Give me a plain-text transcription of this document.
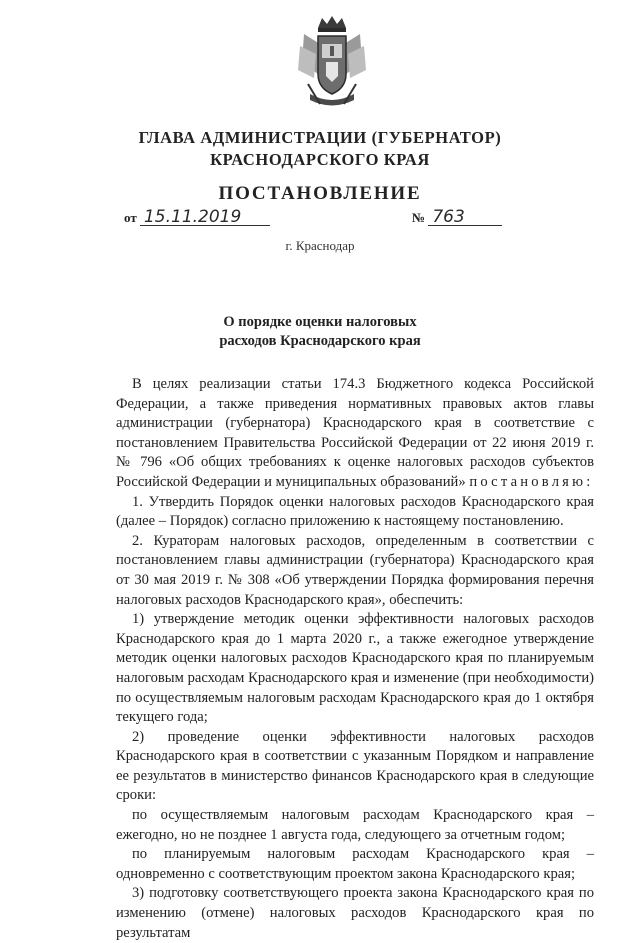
ГЛАВА АДМИНИСТРАЦИИ (ГУБЕРНАТОР)
КРАСНОДАРСКОГО КРАЯ
ПОСТАНОВЛЕНИЕ
от 15.11.2019	№ 763
г. Краснодар
О порядке оценки налоговых
расходов Краснодарского края

В целях реализации статьи 174.3 Бюджетного кодекса Российской Федерации, а также приведения нормативных правовых актов главы администрации (губернатора) Краснодарского края в соответствие с постановлением Правительства Российской Федерации от 22 июня 2019 г. № 796 «Об общих требованиях к оценке налоговых расходов субъектов Российской Федерации и муниципальных образований» постановляю:

1. Утвердить Порядок оценки налоговых расходов Краснодарского края (далее – Порядок) согласно приложению к настоящему постановлению.

2. Кураторам налоговых расходов, определенным в соответствии с постановлением главы администрации (губернатора) Краснодарского края от 30 мая 2019 г. № 308 «Об утверждении Порядка формирования перечня налоговых расходов Краснодарского края», обеспечить:

1) утверждение методик оценки эффективности налоговых расходов Краснодарского края до 1 марта 2020 г., а также ежегодное утверждение методик оценки налоговых расходов Краснодарского края по планируемым налоговым расходам Краснодарского края и изменение (при необходимости) по осуществляемым налоговым расходам Краснодарского края до 1 октября текущего года;

2) проведение оценки эффективности налоговых расходов Краснодарского края в соответствии с указанным Порядком и направление ее результатов в министерство финансов Краснодарского края в следующие сроки:

по осуществляемым налоговым расходам Краснодарского края – ежегодно, но не позднее 1 августа года, следующего за отчетным годом;

по планируемым налоговым расходам Краснодарского края – одновременно с соответствующим проектом закона Краснодарского края;

3) подготовку соответствующего проекта закона Краснодарского края по изменению (отмене) налоговых расходов Краснодарского края по результатам
